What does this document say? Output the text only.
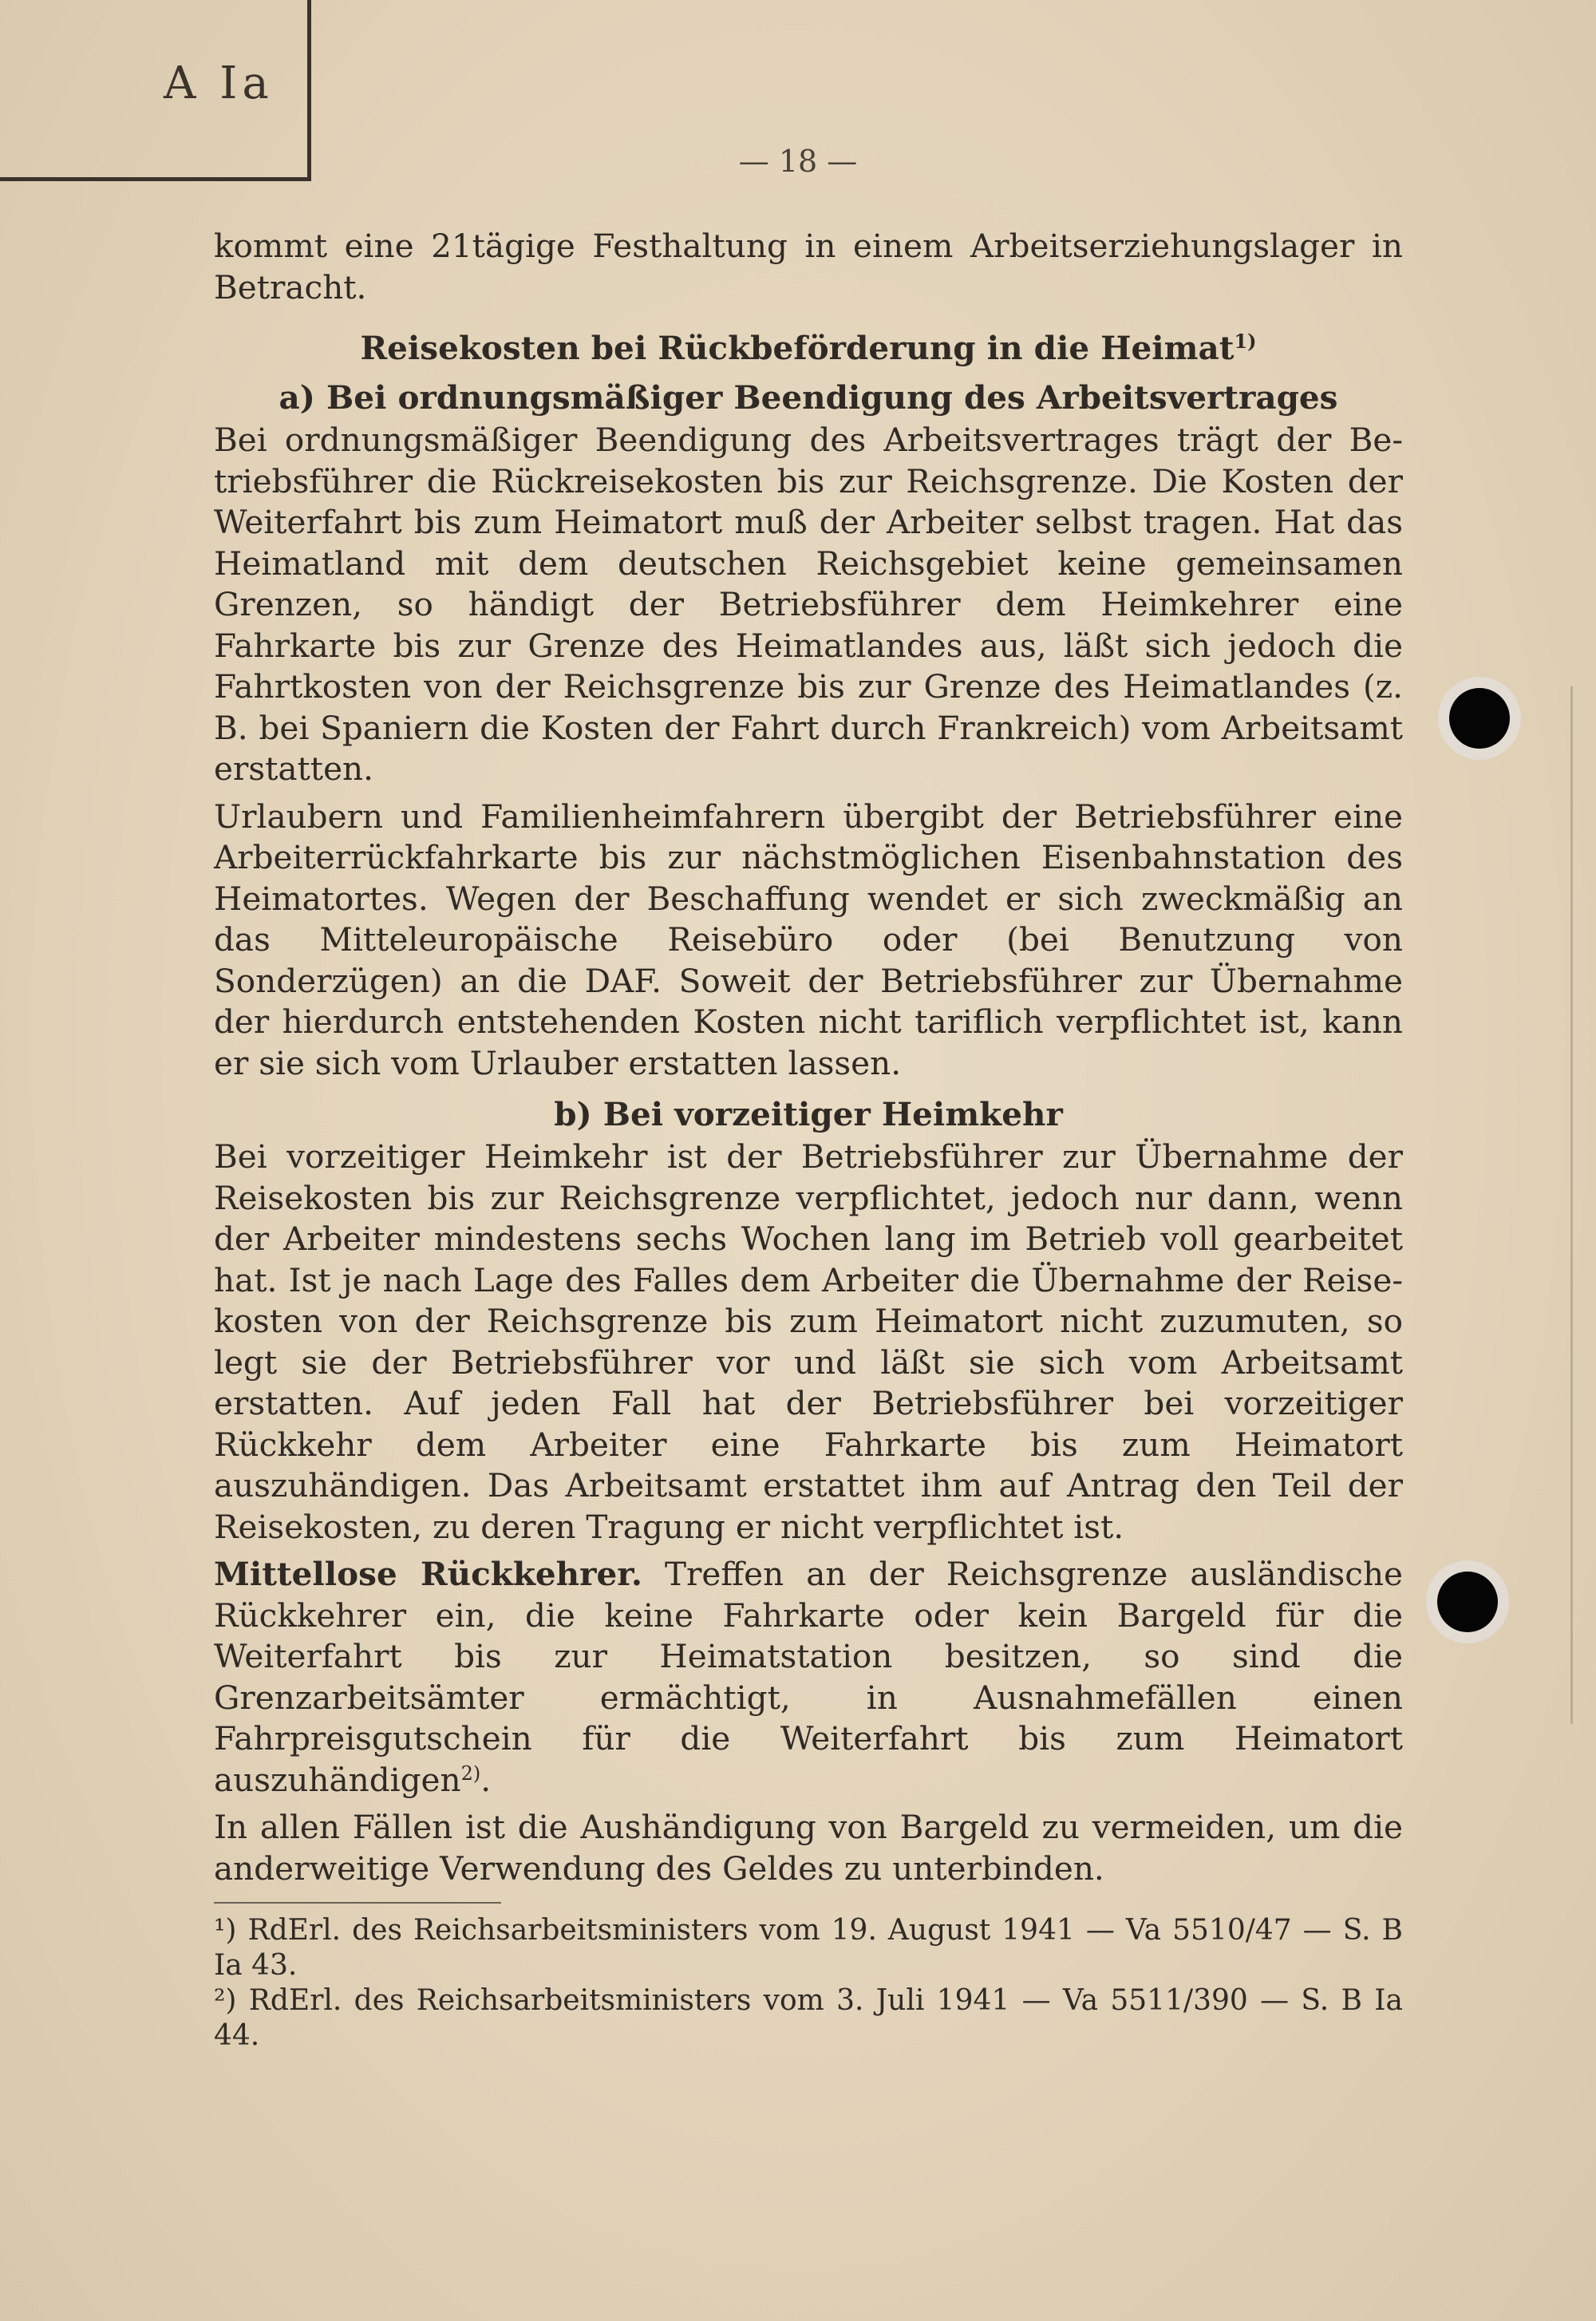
A Ia
— 18 —

kommt eine 21tägige Festhaltung in einem Arbeitserziehungslager in Betracht.

Reisekosten bei Rückbeförderung in die Heimat$^{1)}$
a) Bei ordnungsmäßiger Beendigung des Arbeitsvertrages

Bei ordnungsmäßiger Beendigung des Arbeitsvertrages trägt der Betriebsführer die Rückreisekosten bis zur Reichsgrenze. Die Kosten der Weiterfahrt bis zum Heimatort muß der Arbeiter selbst tragen. Hat das Heimatland mit dem deutschen Reichsgebiet keine gemeinsamen Grenzen, so händigt der Betriebsführer dem Heimkehrer eine Fahrkarte bis zur Grenze des Heimatlandes aus, läßt sich jedoch die Fahrtkosten von der Reichsgrenze bis zur Grenze des Heimatlandes (z. B. bei Spaniern die Kosten der Fahrt durch Frankreich) vom Arbeitsamt erstatten.

Urlaubern und Familienheimfahrern übergibt der Betriebsführer eine Arbeiterrückfahrkarte bis zur nächstmöglichen Eisenbahnstation des Heimatortes. Wegen der Beschaffung wendet er sich zweckmäßig an das Mitteleuropäische Reisebüro oder (bei Benutzung von Sonderzügen) an die DAF. Soweit der Betriebsführer zur Übernahme der hierdurch entstehenden Kosten nicht tariflich verpflichtet ist, kann er sie sich vom Urlauber erstatten lassen.

b) Bei vorzeitiger Heimkehr

Bei vorzeitiger Heimkehr ist der Betriebsführer zur Übernahme der Reisekosten bis zur Reichsgrenze verpflichtet, jedoch nur dann, wenn der Arbeiter mindestens sechs Wochen lang im Betrieb voll gearbeitet hat. Ist je nach Lage des Falles dem Arbeiter die Übernahme der Reisekosten von der Reichsgrenze bis zum Heimatort nicht zuzumuten, so legt sie der Betriebsführer vor und läßt sie sich vom Arbeitsamt erstatten. Auf jeden Fall hat der Betriebsführer bei vorzeitiger Rückkehr dem Arbeiter eine Fahrkarte bis zum Heimatort auszuhändigen. Das Arbeitsamt erstattet ihm auf Antrag den Teil der Reisekosten, zu deren Tragung er nicht verpflichtet ist.

Mittellose Rückkehrer. Treffen an der Reichsgrenze ausländische Rückkehrer ein, die keine Fahrkarte oder kein Bargeld für die Weiterfahrt bis zur Heimatstation besitzen, so sind die Grenzarbeitsämter ermächtigt, in Ausnahmefällen einen Fahrpreisgutschein für die Weiterfahrt bis zum Heimatort auszuhändigen$^{2)}$.

In allen Fällen ist die Aushändigung von Bargeld zu vermeiden, um die anderweitige Verwendung des Geldes zu unterbinden.

¹) RdErl. des Reichsarbeitsministers vom 19. August 1941 — Va 5510/47 — S. B Ia 43.

²) RdErl. des Reichsarbeitsministers vom 3. Juli 1941 — Va 5511/390 — S. B Ia 44.
